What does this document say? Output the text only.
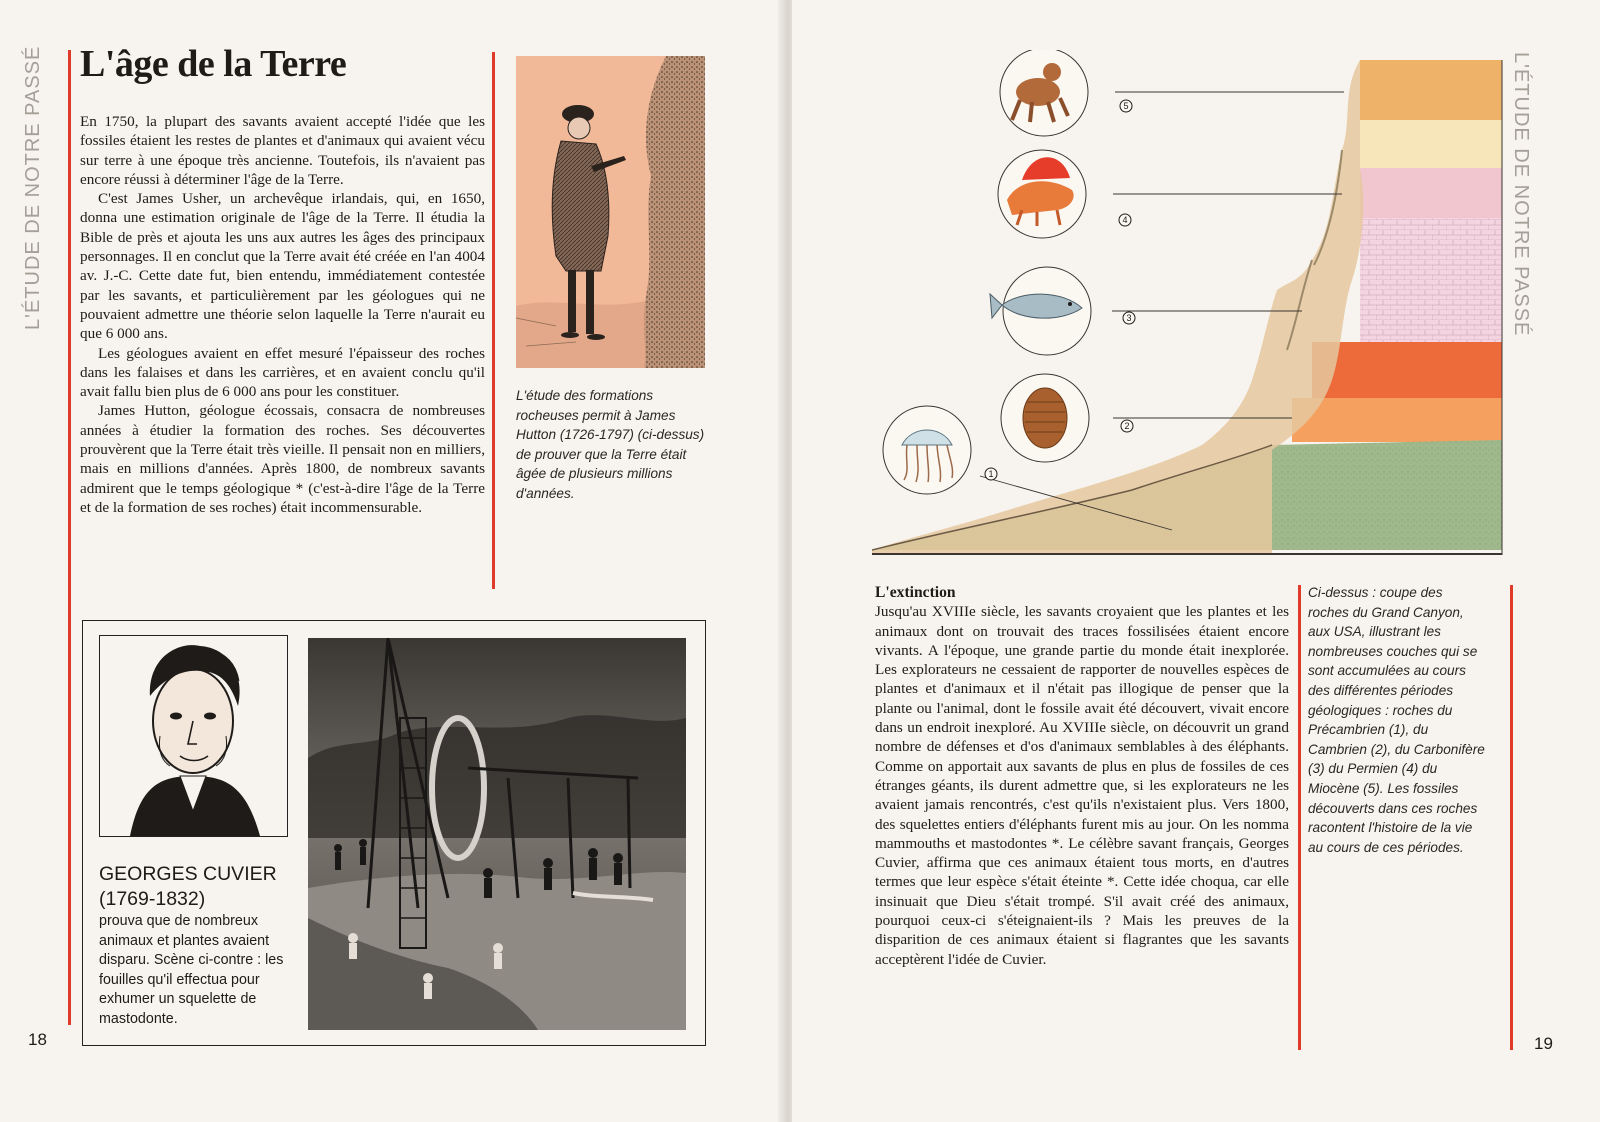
L'ÉTUDE DE NOTRE PASSÉ L'âge de la Terre

En 1750, la plupart des savants avaient accepté l'idée que les fossiles étaient les restes de plantes et d'animaux qui avaient vécu sur terre à une époque très ancienne. Toutefois, ils n'avaient pas encore réussi à déterminer l'âge de la Terre.

C'est James Usher, un archevêque irlandais, qui, en 1650, donna une estimation originale de l'âge de la Terre. Il étudia la Bible de près et ajouta les uns aux autres les âges des principaux personnages. Il en conclut que la Terre avait été créée en l'an 4004 av. J.-C. Cette date fut, bien entendu, immédiatement contestée par les savants, et particulièrement par les géologues qui ne pouvaient admettre une théorie selon laquelle la Terre n'aurait eu que 6 000 ans.

Les géologues avaient en effet mesuré l'épaisseur des roches dans les falaises et dans les carrières, et en avaient conclu qu'il avait fallu bien plus de 6 000 ans pour les constituer.

James Hutton, géologue écossais, consacra de nombreuses années à étudier la formation des roches. Ses découvertes prouvèrent que la Terre était très vieille. Il pensait non en milliers, mais en millions d'années. Après 1800, de nombreux savants admirent que le temps géologique * (c'est-à-dire l'âge de la Terre et de la formation de ses roches) était incommensurable.

L'étude des formations rocheuses permit à James Hutton (1726-1797) (ci-dessus) de prouver que la Terre était âgée de plusieurs millions d'années.
GEORGES CUVIER
(1769-1832)
prouva que de nombreux animaux et plantes avaient disparu. Scène ci-contre : les fouilles qu'il effectua pour exhumer un squelette de mastodonte.
18
L'ÉTUDE DE NOTRE PASSÉ
5
4
3
2
1
L'extinction

Jusqu'au XVIIIe siècle, les savants croyaient que les plantes et les animaux dont on trouvait des traces fossilisées étaient encore vivants. A l'époque, une grande partie du monde était inexplorée. Les explorateurs ne cessaient de rapporter de nouvelles espèces de plantes et d'animaux et il n'était pas illogique de penser que la plante ou l'animal, dont le fossile avait été découvert, vivait encore dans un endroit inexploré. Au XVIIIe siècle, on découvrit un grand nombre de défenses et d'os d'animaux semblables à des éléphants. Comme on apportait aux savants de plus en plus de fossiles de ces étranges géants, ils durent admettre que, si les explorateurs ne les avaient jamais rencontrés, c'est qu'ils n'existaient plus. Vers 1800, des squelettes entiers d'éléphants furent mis au jour. On les nomma mammouths et mastodontes *. Le célèbre savant français, Georges Cuvier, affirma que ces animaux étaient tous morts, en d'autres termes que leur espèce s'était éteinte *. Cette idée choqua, car elle insinuait que Dieu s'était trompé. S'il avait créé des animaux, pourquoi ceux-ci s'éteignaient-ils ? Mais les preuves de la disparition de ces animaux étaient si flagrantes que les savants acceptèrent l'idée de Cuvier.

Ci-dessus : coupe des roches du Grand Canyon, aux USA, illustrant les nombreuses couches qui se sont accumulées au cours des différentes périodes géologiques : roches du Précambrien (1), du Cambrien (2), du Carbonifère (3) du Permien (4) du Miocène (5). Les fossiles découverts dans ces roches racontent l'histoire de la vie au cours de ces périodes.
19
